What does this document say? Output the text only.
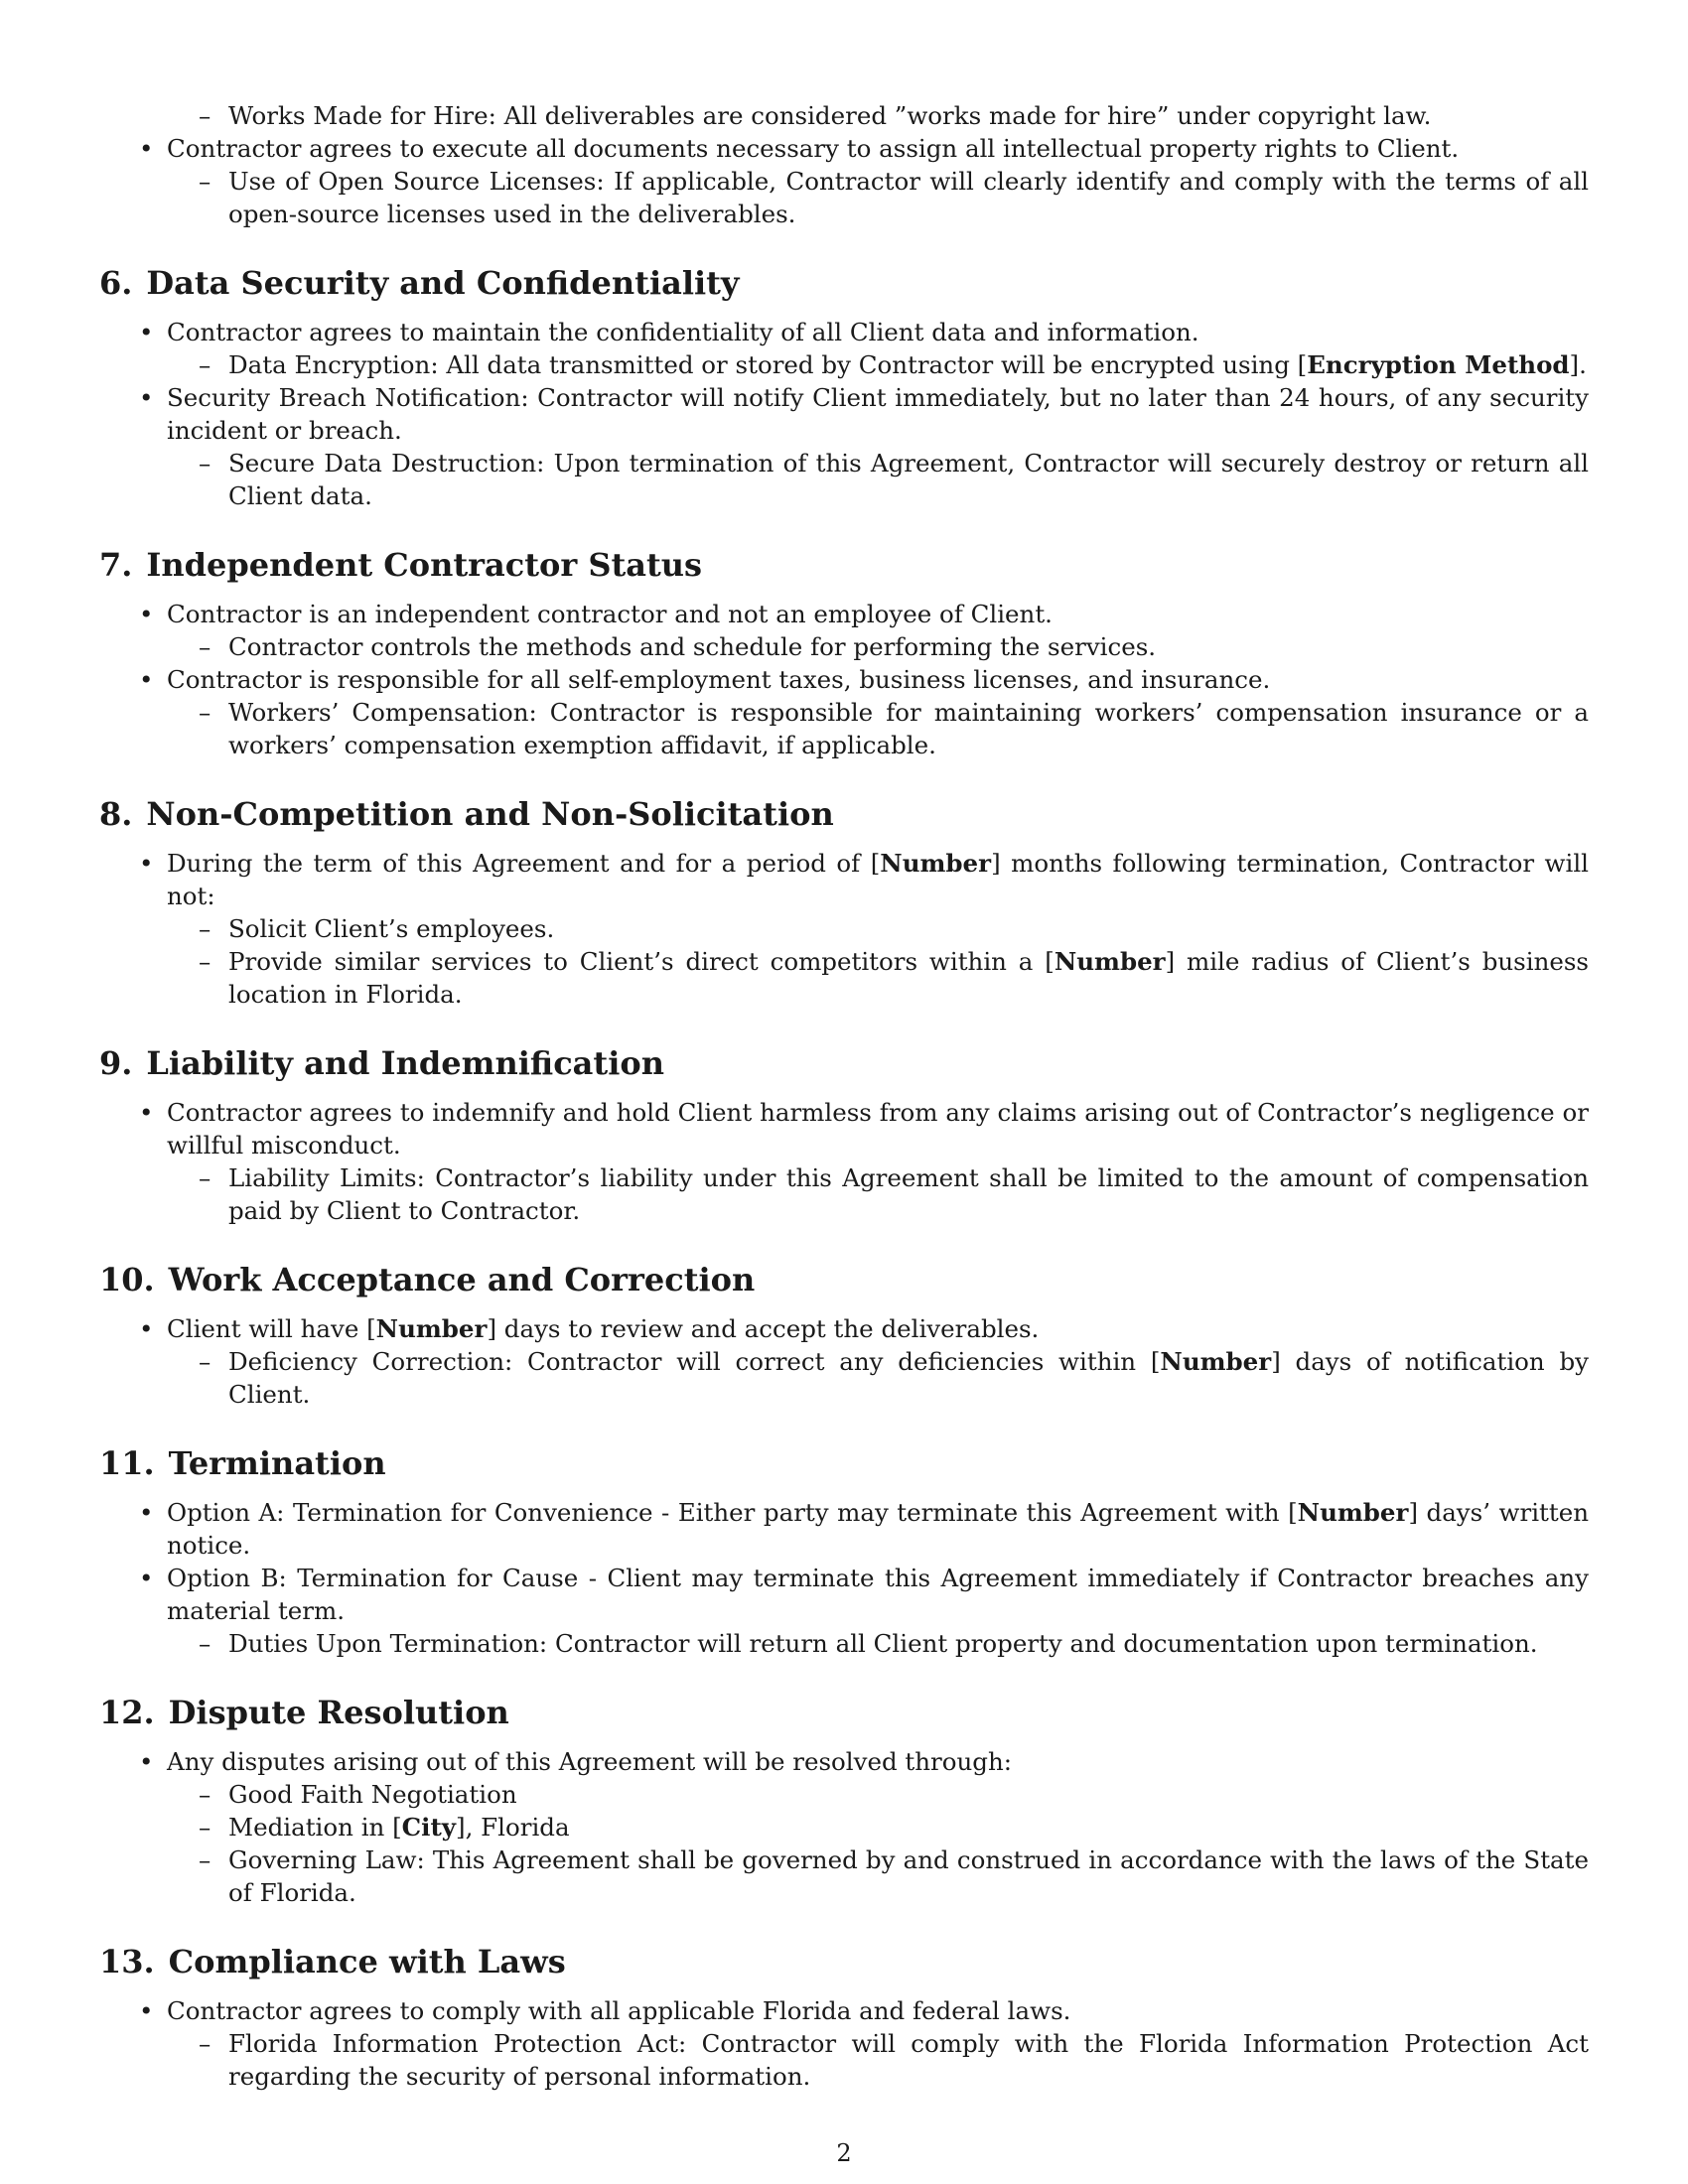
– Works Made for Hire: All deliverables are considered ”works made for hire” under copyright law.
• Contractor agrees to execute all documents necessary to assign all intellectual property rights to Client.
– Use of Open Source Licenses: If applicable, Contractor will clearly identify and comply with the terms of all open-source licenses used in the deliverables.
6. Data Security and Confidentiality
• Contractor agrees to maintain the confidentiality of all Client data and information.
– Data Encryption: All data transmitted or stored by Contractor will be encrypted using [Encryption Method].
• Security Breach Notification: Contractor will notify Client immediately, but no later than 24 hours, of any security incident or breach.
– Secure Data Destruction: Upon termination of this Agreement, Contractor will securely destroy or return all Client data.
7. Independent Contractor Status
• Contractor is an independent contractor and not an employee of Client.
– Contractor controls the methods and schedule for performing the services.
• Contractor is responsible for all self-employment taxes, business licenses, and insurance.
– Workers’ Compensation: Contractor is responsible for maintaining workers’ compensation insurance or a workers’ compensation exemption affidavit, if applicable.
8. Non-Competition and Non-Solicitation
• During the term of this Agreement and for a period of [Number] months following termination, Contractor will not:
– Solicit Client’s employees.
– Provide similar services to Client’s direct competitors within a [Number] mile radius of Client’s business location in Florida.
9. Liability and Indemnification
• Contractor agrees to indemnify and hold Client harmless from any claims arising out of Contractor’s negligence or willful misconduct.
– Liability Limits: Contractor’s liability under this Agreement shall be limited to the amount of compensation paid by Client to Contractor.
10. Work Acceptance and Correction
• Client will have [Number] days to review and accept the deliverables.
– Deficiency Correction: Contractor will correct any deficiencies within [Number] days of notification by Client.
11. Termination
• Option A: Termination for Convenience - Either party may terminate this Agreement with [Number] days’ written notice.
• Option B: Termination for Cause - Client may terminate this Agreement immediately if Contractor breaches any material term.
– Duties Upon Termination: Contractor will return all Client property and documentation upon termination.
12. Dispute Resolution
• Any disputes arising out of this Agreement will be resolved through:
– Good Faith Negotiation
– Mediation in [City], Florida
– Governing Law: This Agreement shall be governed by and construed in accordance with the laws of the State of Florida.
13. Compliance with Laws
• Contractor agrees to comply with all applicable Florida and federal laws.
– Florida Information Protection Act: Contractor will comply with the Florida Information Protection Act regarding the security of personal information.
2
